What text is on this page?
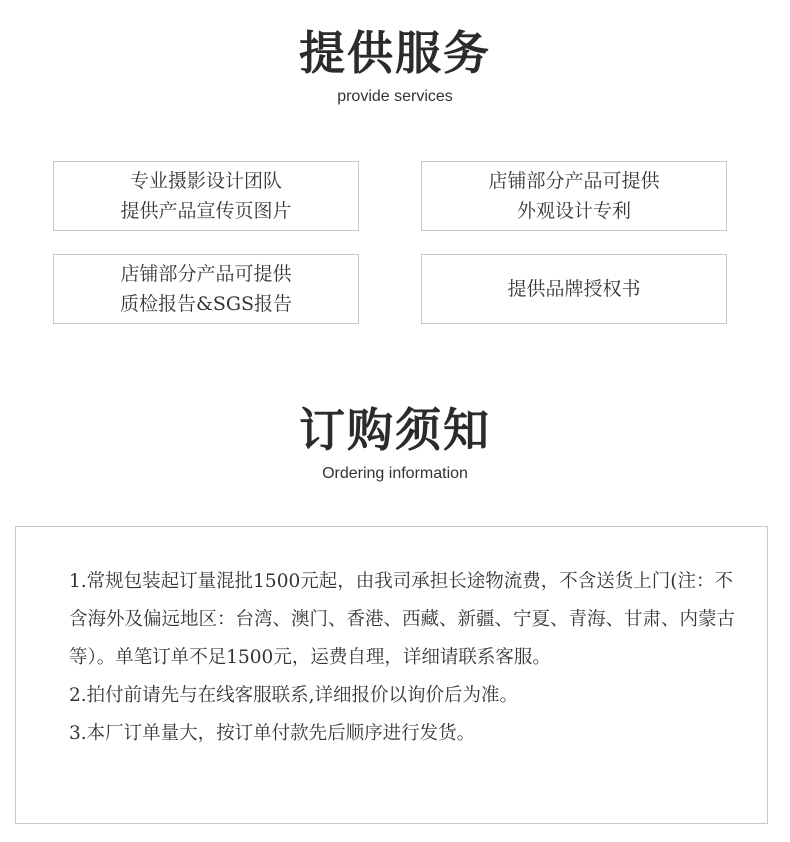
提供服务
provide services
专业摄影设计团队
提供产品宣传页图片
店铺部分产品可提供
外观设计专利
店铺部分产品可提供
质检报告&SGS报告
提供品牌授权书
订购须知
Ordering information

1.常规包装起订量混批1500元起，由我司承担长途物流费，不含送货上门(注：不含海外及偏远地区：台湾、澳门、香港、西藏、新疆、宁夏、青海、甘肃、内蒙古等）。单笔订单不足1500元，运费自理，详细请联系客服。

2.拍付前请先与在线客服联系,详细报价以询价后为准。

3.本厂订单量大，按订单付款先后顺序进行发货。
